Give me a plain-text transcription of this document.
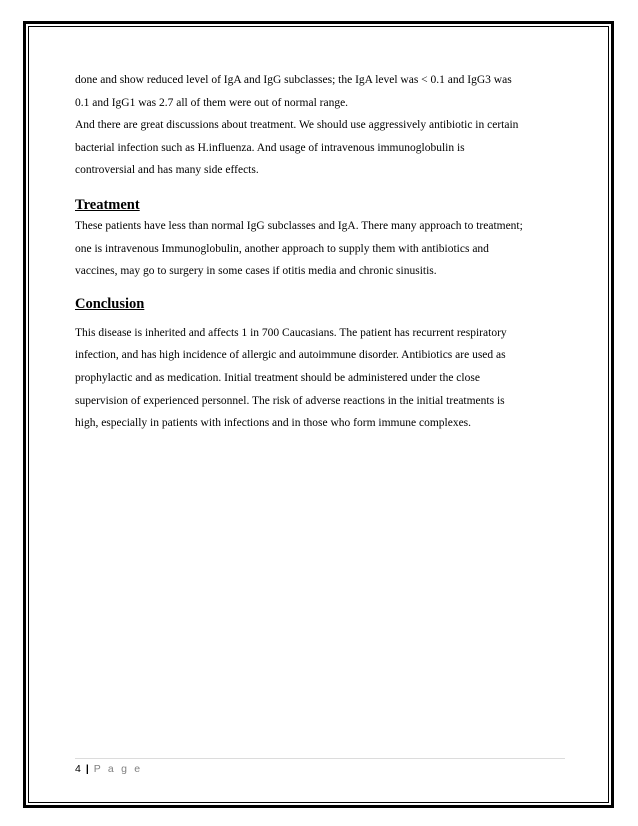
done and show reduced level of IgA and IgG subclasses; the IgA level was < 0.1 and IgG3 was

0.1 and IgG1 was 2.7 all of them were out of normal range.

And there are great discussions about treatment. We should use aggressively antibiotic in certain

bacterial infection such as H.influenza. And usage of intravenous immunoglobulin is

controversial and has many side effects.

Treatment

These patients have less than normal IgG subclasses and IgA. There many approach to treatment;

one is intravenous Immunoglobulin, another approach to supply them with antibiotics and

vaccines, may go to surgery in some cases if otitis media and chronic sinusitis.

Conclusion

This disease is inherited and affects 1 in 700 Caucasians. The patient has recurrent respiratory

infection, and has high incidence of allergic and autoimmune disorder. Antibiotics are used as

prophylactic and as medication. Initial treatment should be administered under the close

supervision of experienced personnel. The risk of adverse reactions in the initial treatments is

high, especially in patients with infections and in those who form immune complexes.

4 | P a g e
